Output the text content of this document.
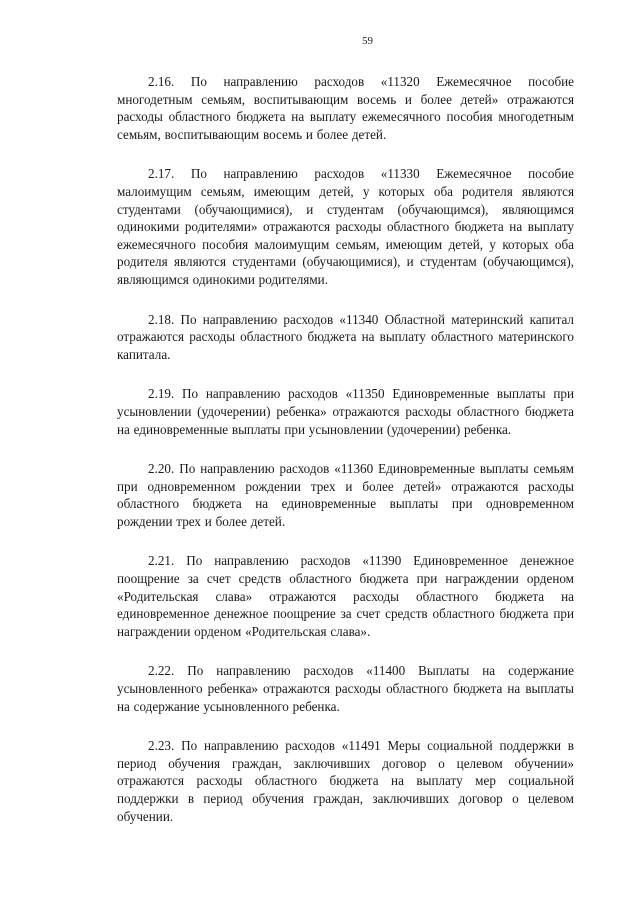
59

2.16. По направлению расходов «11320 Ежемесячное пособие многодетным семьям, воспитывающим восемь и более детей» отражаются расходы областного бюджета на выплату ежемесячного пособия многодетным семьям, воспитывающим восемь и более детей.

2.17. По направлению расходов «11330 Ежемесячное пособие малоимущим семьям, имеющим детей, у которых оба родителя являются студентами (обучающимися), и студентам (обучающимся), являющимся одинокими родителями» отражаются расходы областного бюджета на выплату ежемесячного пособия малоимущим семьям, имеющим детей, у которых оба родителя являются студентами (обучающимися), и студентам (обучающимся), являющимся одинокими родителями.

2.18. По направлению расходов «11340 Областной материнский капитал отражаются расходы областного бюджета на выплату областного материнского капитала.

2.19. По направлению расходов «11350 Единовременные выплаты при усыновлении (удочерении) ребенка» отражаются расходы областного бюджета на единовременные выплаты при усыновлении (удочерении) ребенка.

2.20. По направлению расходов «11360 Единовременные выплаты семьям при одновременном рождении трех и более детей» отражаются расходы областного бюджета на единовременные выплаты при одновременном рождении трех и более детей.

2.21. По направлению расходов «11390 Единовременное денежное поощрение за счет средств областного бюджета при награждении орденом «Родительская слава» отражаются расходы областного бюджета на единовременное денежное поощрение за счет средств областного бюджета при награждении орденом «Родительская слава».

2.22. По направлению расходов «11400 Выплаты на содержание усыновленного ребенка» отражаются расходы областного бюджета на выплаты на содержание усыновленного ребенка.

2.23. По направлению расходов «11491 Меры социальной поддержки в период обучения граждан, заключивших договор о целевом обучении» отражаются расходы областного бюджета на выплату мер социальной поддержки в период обучения граждан, заключивших договор о целевом обучении.
